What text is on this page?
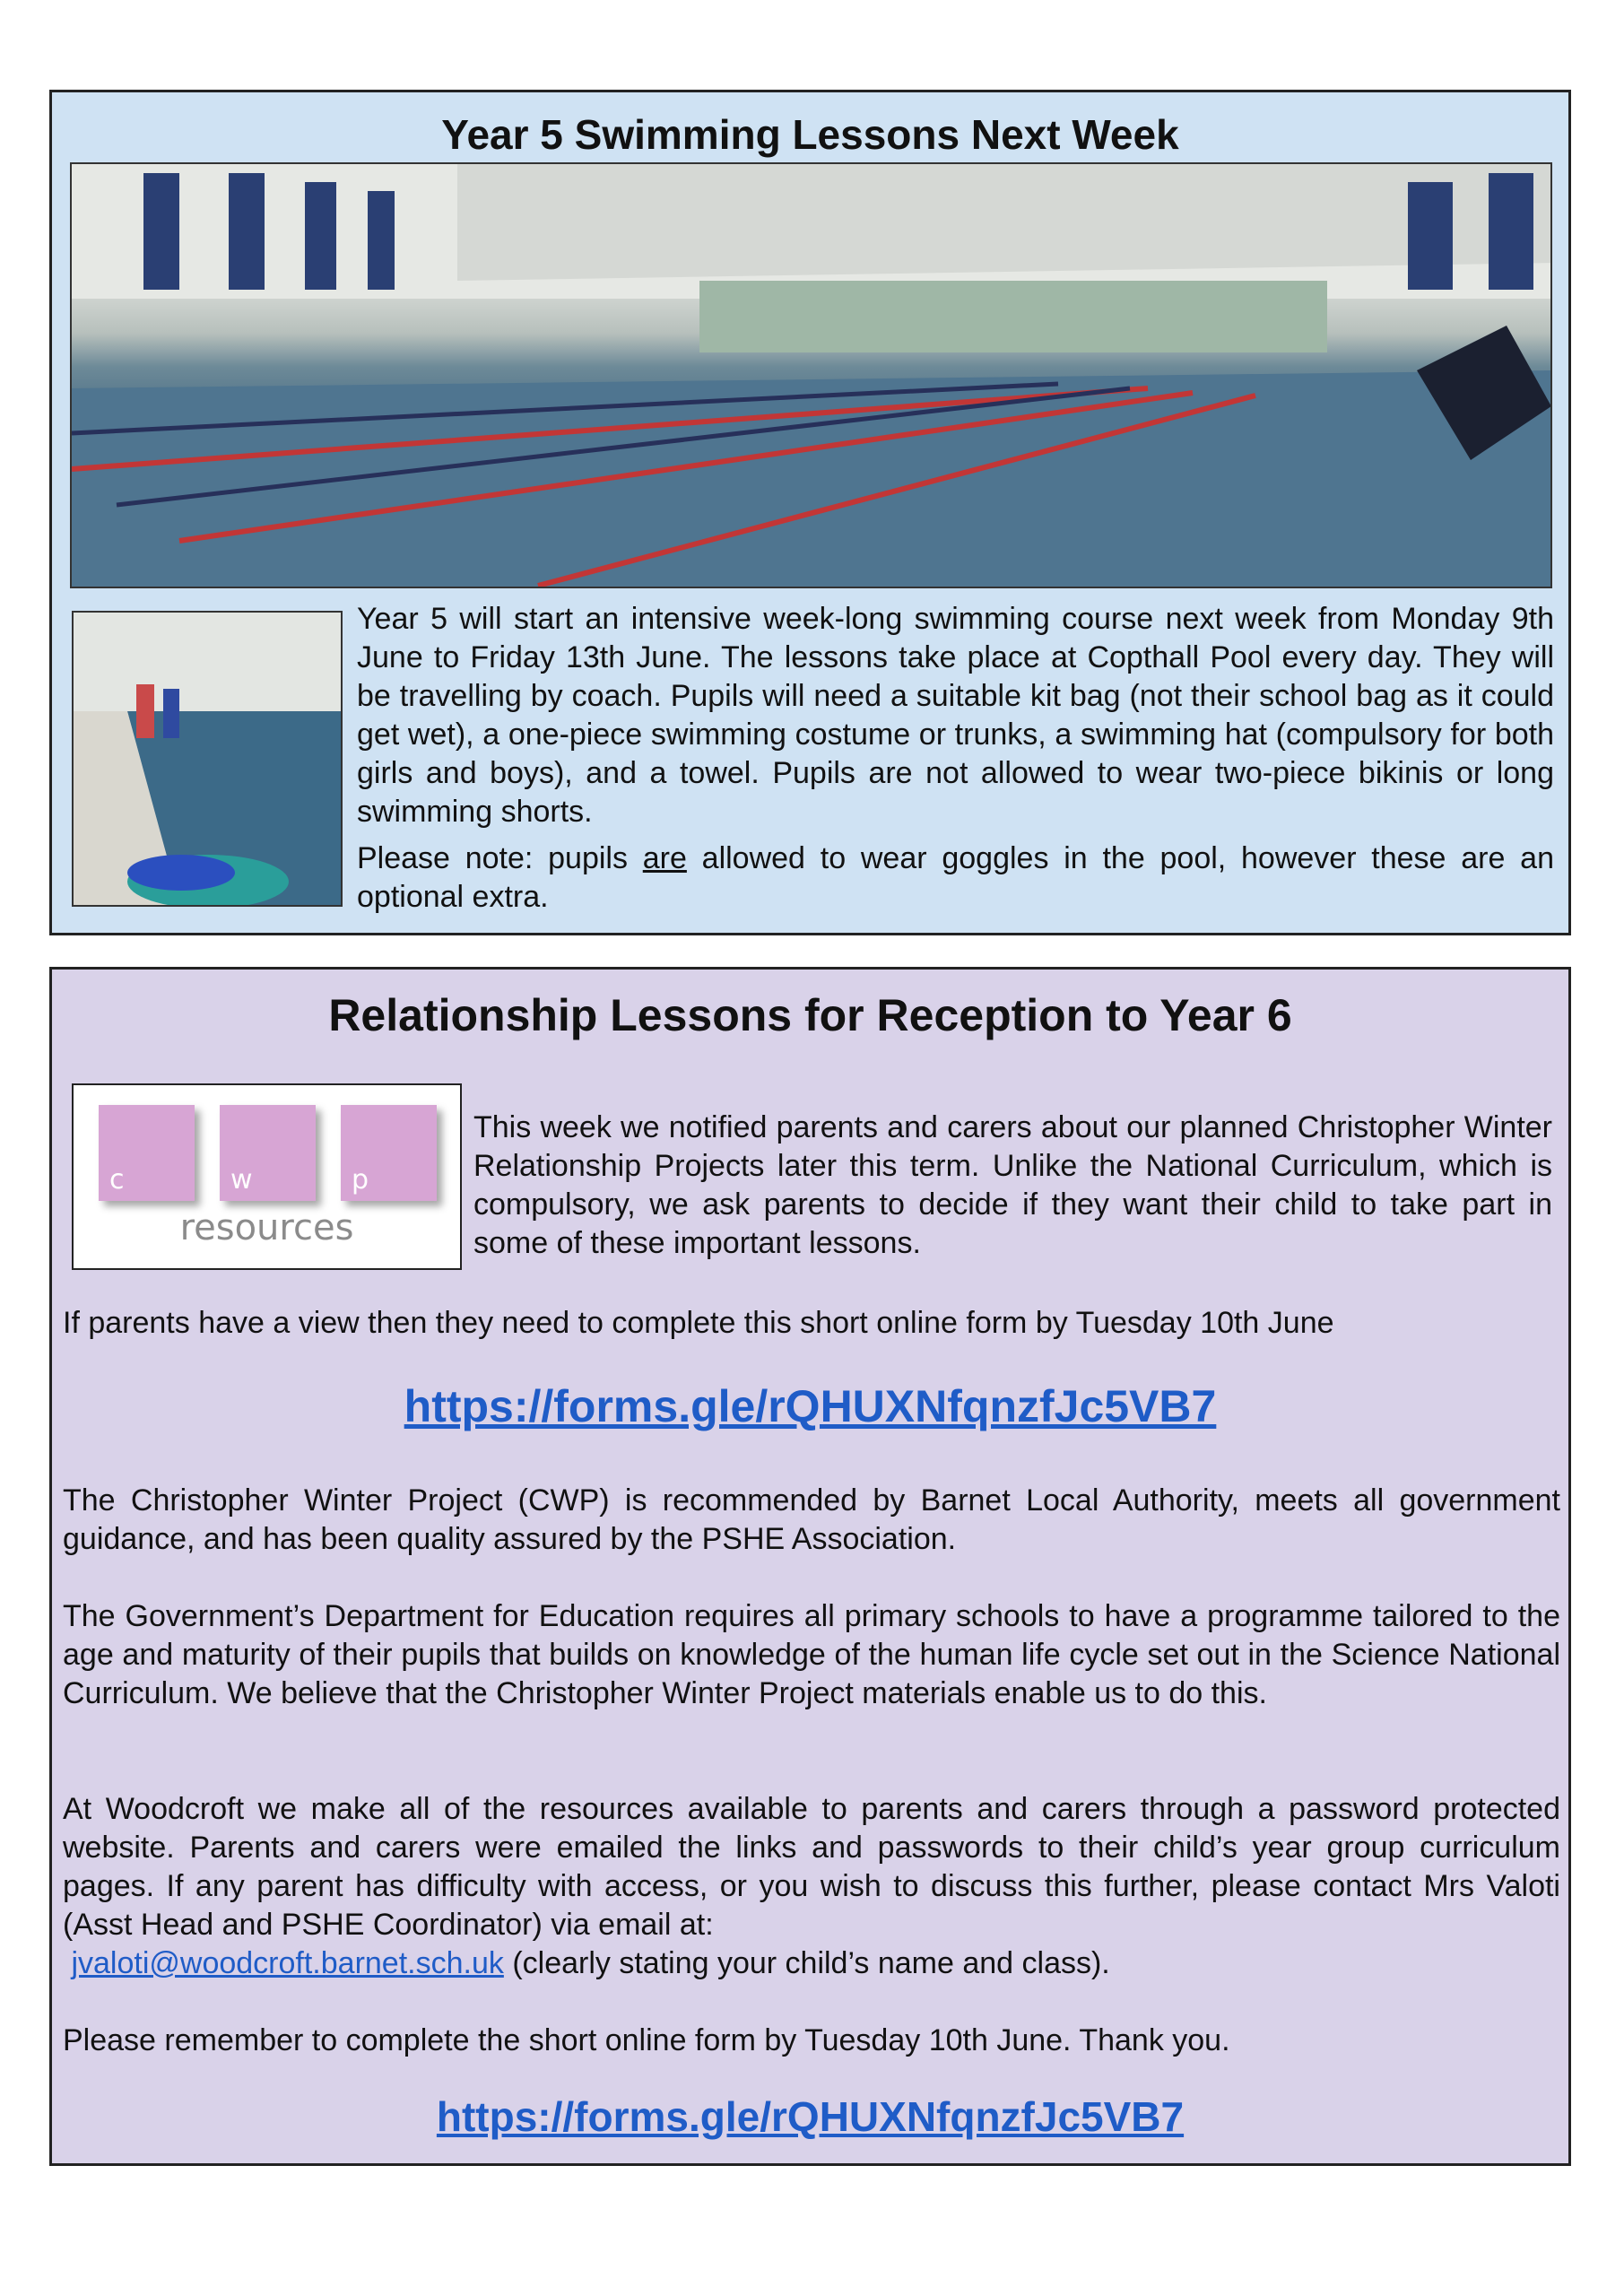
Year 5 Swimming Lessons Next Week

Year 5 will start an intensive week-long swimming course next week from Monday 9th June to Friday 13th June. The lessons take place at Copthall Pool every day. They will be travelling by coach. Pupils will need a suitable kit bag (not their school bag as it could get wet), a one-piece swimming costume or trunks, a swimming hat (compulsory for both girls and boys), and a towel. Pupils are not allowed to wear two-piece bikinis or long swimming shorts.

Please note: pupils are allowed to wear goggles in the pool, however these are an optional extra.

Relationship Lessons for Reception to Year 6
c	w	p
resources

This week we notified parents and carers about our planned Christopher Winter Relationship Projects later this term. Unlike the National Curriculum, which is compulsory, we ask parents to decide if they want their child to take part in some of these important lessons.

If parents have a view then they need to complete this short online form by Tuesday 10th June

https://forms.gle/rQHUXNfqnzfJc5VB7

The Christopher Winter Project (CWP) is recommended by Barnet Local Authority, meets all government guidance, and has been quality assured by the PSHE Association.

The Government’s Department for Education requires all primary schools to have a programme tailored to the age and maturity of their pupils that builds on knowledge of the human life cycle set out in the Science National Curriculum. We believe that the Christopher Winter Project materials enable us to do this.

At Woodcroft we make all of the resources available to parents and carers through a password protected website. Parents and carers were emailed the links and passwords to their child’s year group curriculum pages. If any parent has difficulty with access, or you wish to discuss this further, please contact Mrs Valoti (Asst Head and PSHE Coordinator) via email at:
jvaloti@woodcroft.barnet.sch.uk (clearly stating your child’s name and class).

Please remember to complete the short online form by Tuesday 10th June. Thank you.

https://forms.gle/rQHUXNfqnzfJc5VB7
